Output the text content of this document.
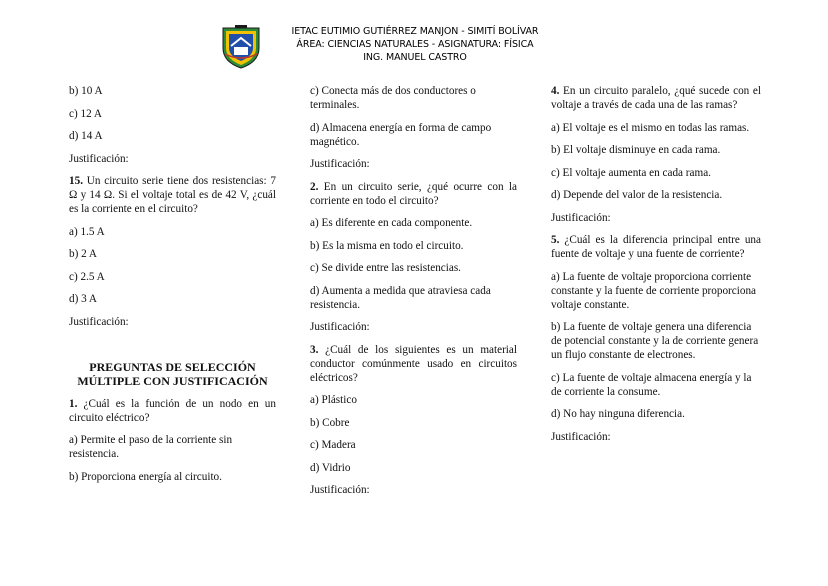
IETAC EUTIMIO GUTIÉRREZ MANJON - SIMITÍ BOLÍVAR
ÁREA: CIENCIAS NATURALES - ASIGNATURA: FÍSICA
ING. MANUEL CASTRO

b) 10 A

c) 12 A

d) 14 A

Justificación:

15. Un circuito serie tiene dos resistencias: 7 Ω y 14 Ω. Si el voltaje total es de 42 V, ¿cuál es la corriente en el circuito?

a) 1.5 A

b) 2 A

c) 2.5 A

d) 3 A

Justificación:

PREGUNTAS DE SELECCIÓN
MÚLTIPLE CON JUSTIFICACIÓN

1. ¿Cuál es la función de un nodo en un circuito eléctrico?

a) Permite el paso de la corriente sin resistencia.

b) Proporciona energía al circuito.

c) Conecta más de dos conductores o terminales.

d) Almacena energía en forma de campo magnético.

Justificación:

2. En un circuito serie, ¿qué ocurre con la corriente en todo el circuito?

a) Es diferente en cada componente.

b) Es la misma en todo el circuito.

c) Se divide entre las resistencias.

d) Aumenta a medida que atraviesa cada resistencia.

Justificación:

3. ¿Cuál de los siguientes es un material conductor comúnmente usado en circuitos eléctricos?

a) Plástico

b) Cobre

c) Madera

d) Vidrio

Justificación:

4. En un circuito paralelo, ¿qué sucede con el voltaje a través de cada una de las ramas?

a) El voltaje es el mismo en todas las ramas.

b) El voltaje disminuye en cada rama.

c) El voltaje aumenta en cada rama.

d) Depende del valor de la resistencia.

Justificación:

5. ¿Cuál es la diferencia principal entre una fuente de voltaje y una fuente de corriente?

a) La fuente de voltaje proporciona corriente constante y la fuente de corriente proporciona voltaje constante.

b) La fuente de voltaje genera una diferencia de potencial constante y la de corriente genera un flujo constante de electrones.

c) La fuente de voltaje almacena energía y la de corriente la consume.

d) No hay ninguna diferencia.

Justificación:
